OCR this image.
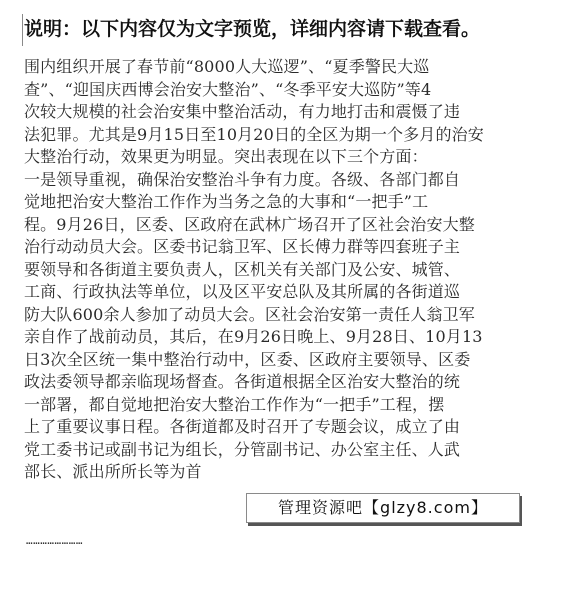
说明：以下内容仅为文字预览，详细内容请下载查看。
围内组织开展了春节前“8000人大巡逻”、“夏季警民大巡
查”、“迎国庆西博会治安大整治”、“冬季平安大巡防”等4
次较大规模的社会治安集中整治活动，有力地打击和震慑了违
法犯罪。尤其是9月15日至10月20日的全区为期一个多月的治安
大整治行动，效果更为明显。突出表现在以下三个方面：
一是领导重视，确保治安整治斗争有力度。各级、各部门都自
觉地把治安大整治工作作为当务之急的大事和“一把手”工
程。9月26日，区委、区政府在武林广场召开了区社会治安大整
治行动动员大会。区委书记翁卫军、区长傅力群等四套班子主
要领导和各街道主要负责人，区机关有关部门及公安、城管、
工商、行政执法等单位，以及区平安总队及其所属的各街道巡
防大队600余人参加了动员大会。区社会治安第一责任人翁卫军
亲自作了战前动员，其后，在9月26日晚上、9月28日、10月13
日3次全区统一集中整治行动中，区委、区政府主要领导、区委
政法委领导都亲临现场督查。各街道根据全区治安大整治的统
一部署，都自觉地把治安大整治工作作为“一把手”工程，摆
上了重要议事日程。各街道都及时召开了专题会议，成立了由
党工委书记或副书记为组长，分管副书记、办公室主任、人武
部长、派出所所长等为首
……………………
管理资源吧【glzy8.com】
